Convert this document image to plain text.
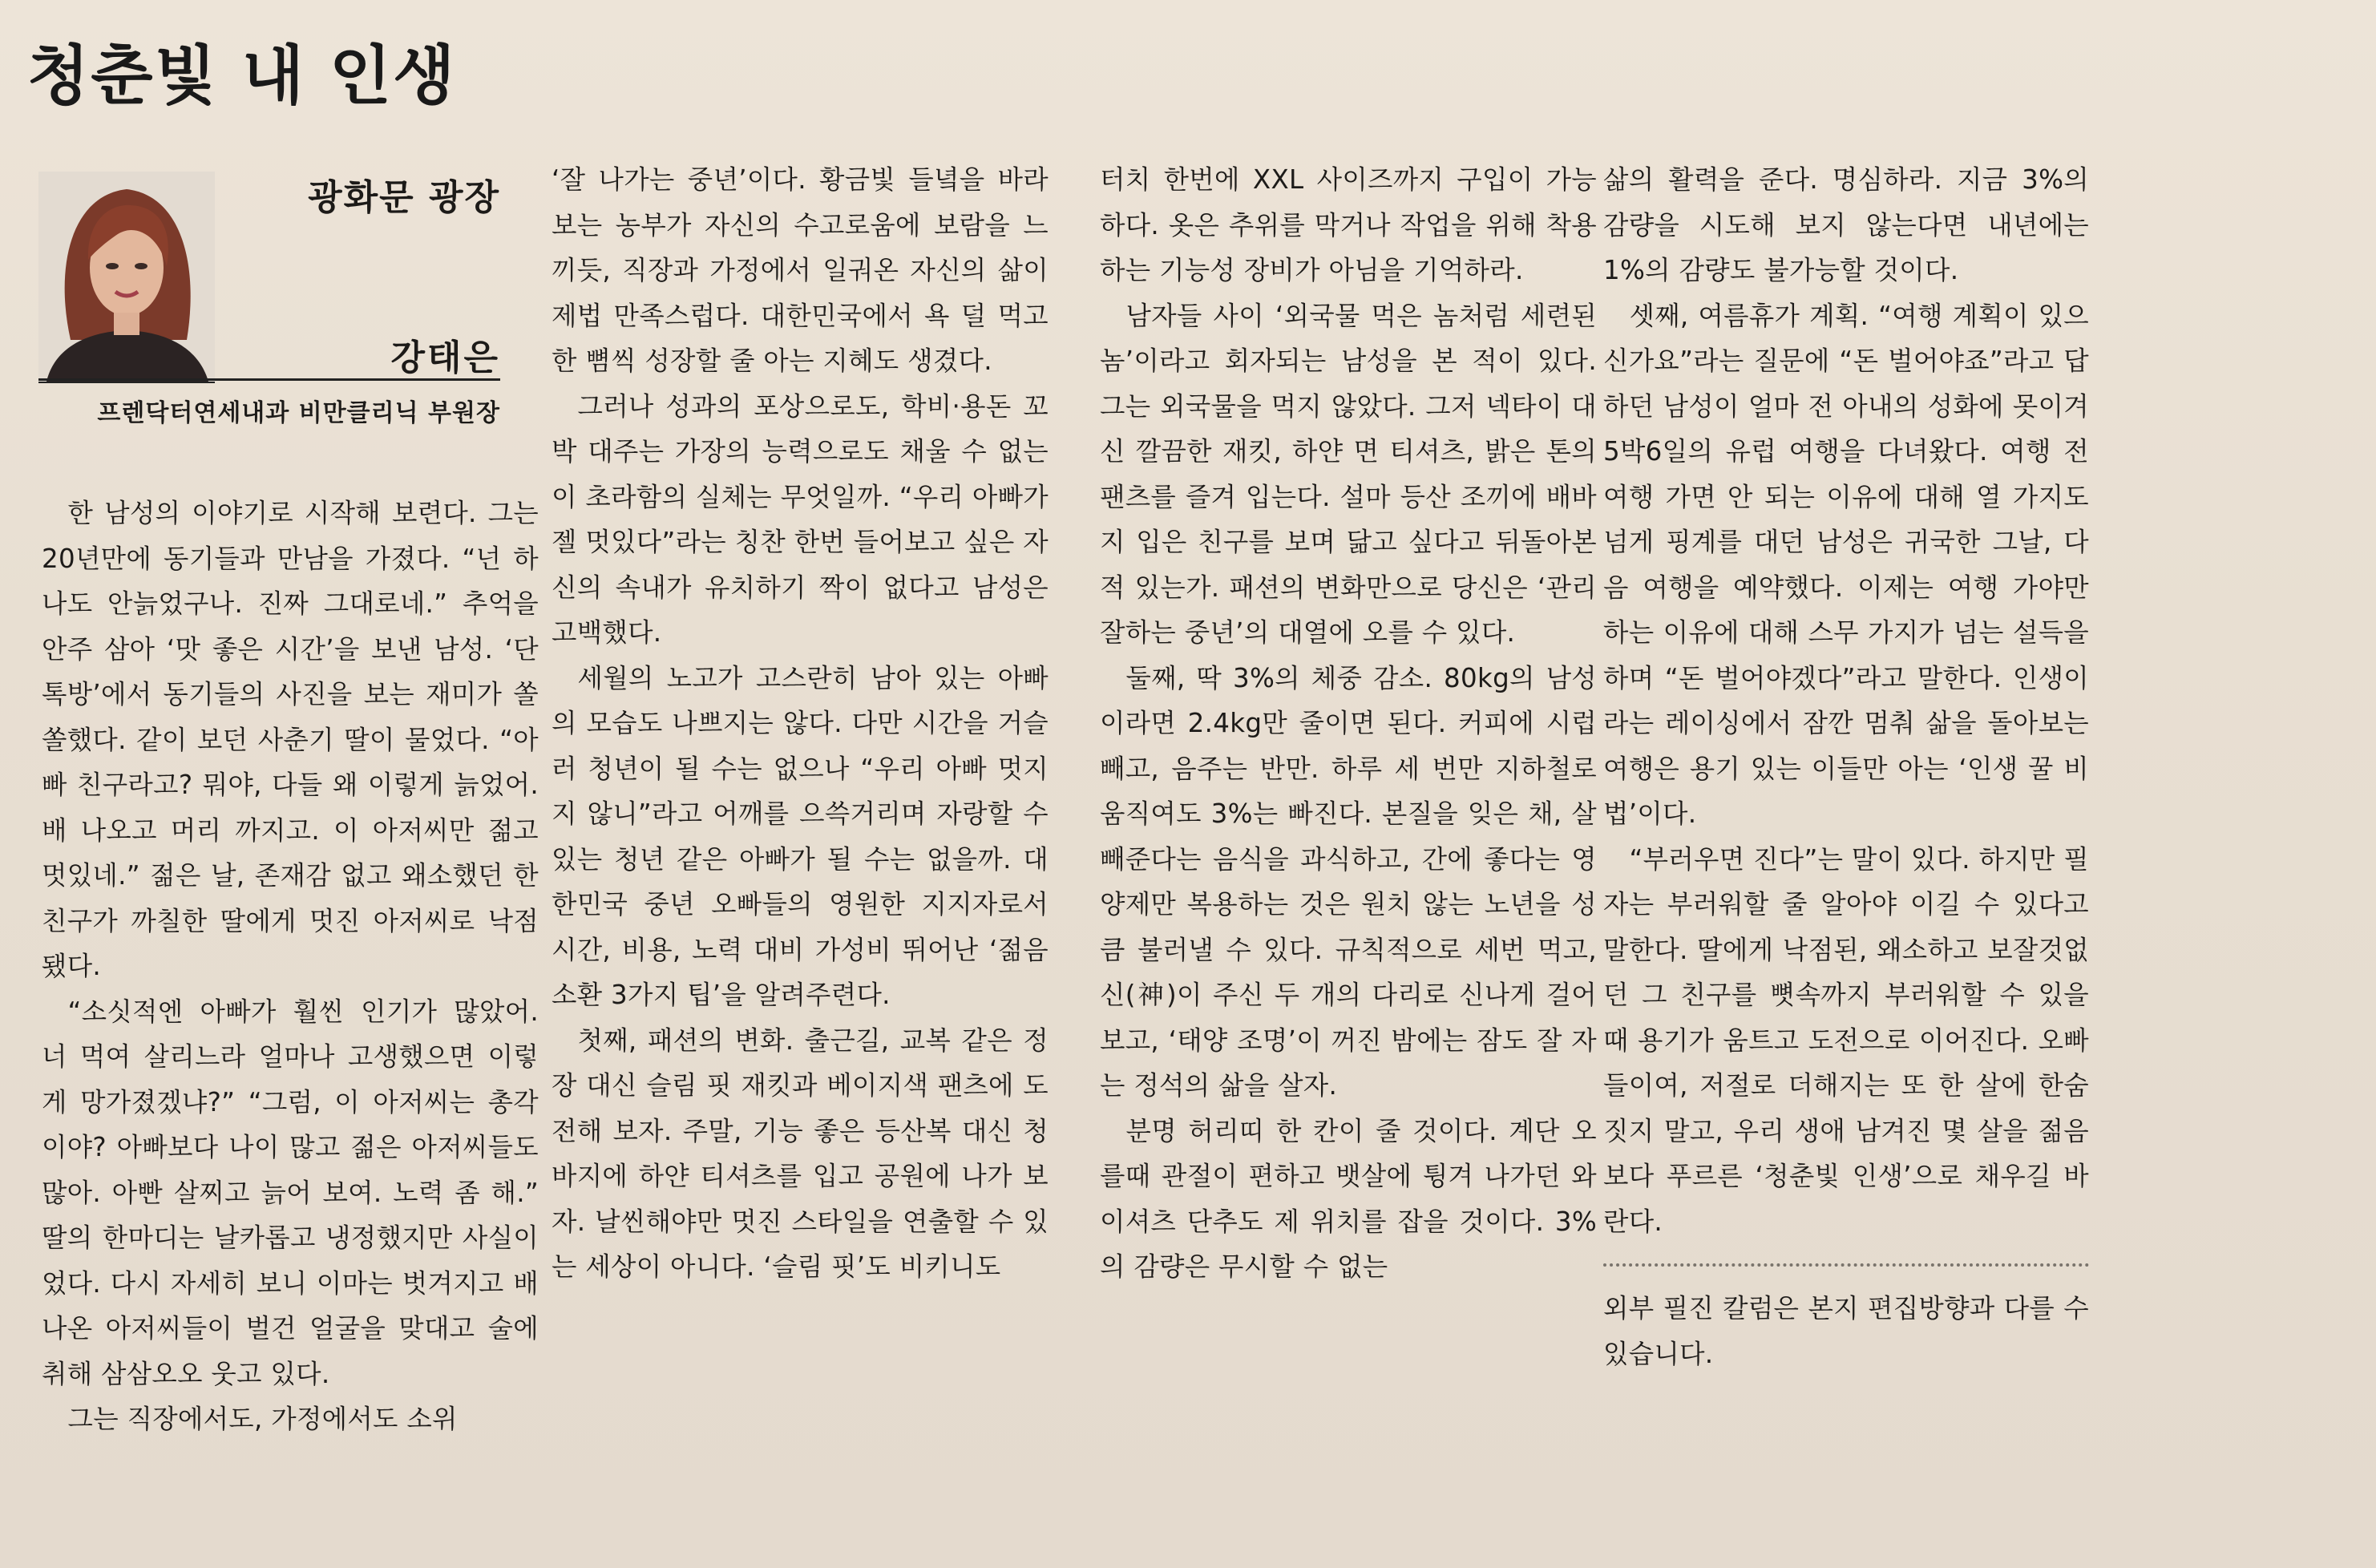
청춘빛 내 인생
광화문 광장
강태은
프렌닥터연세내과 비만클리닉 부원장

한 남성의 이야기로 시작해 보련다. 그는 20년만에 동기들과 만남을 가졌다. “넌 하나도 안늙었구나. 진짜 그대로네.” 추억을 안주 삼아 ‘맛 좋은 시간’을 보낸 남성. ‘단톡방’에서 동기들의 사진을 보는 재미가 쏠쏠했다. 같이 보던 사춘기 딸이 물었다. “아빠 친구라고? 뭐야, 다들 왜 이렇게 늙었어. 배 나오고 머리 까지고. 이 아저씨만 젊고 멋있네.” 젊은 날, 존재감 없고 왜소했던 한 친구가 까칠한 딸에게 멋진 아저씨로 낙점됐다.

“소싯적엔 아빠가 훨씬 인기가 많았어. 너 먹여 살리느라 얼마나 고생했으면 이렇게 망가졌겠냐?” “그럼, 이 아저씨는 총각이야? 아빠보다 나이 많고 젊은 아저씨들도 많아. 아빤 살찌고 늙어 보여. 노력 좀 해.” 딸의 한마디는 날카롭고 냉정했지만 사실이었다. 다시 자세히 보니 이마는 벗겨지고 배 나온 아저씨들이 벌건 얼굴을 맞대고 술에 취해 삼삼오오 웃고 있다.

그는 직장에서도, 가정에서도 소위

‘잘 나가는 중년’이다. 황금빛 들녘을 바라보는 농부가 자신의 수고로움에 보람을 느끼듯, 직장과 가정에서 일궈온 자신의 삶이 제법 만족스럽다. 대한민국에서 욕 덜 먹고 한 뼘씩 성장할 줄 아는 지혜도 생겼다.

그러나 성과의 포상으로도, 학비·용돈 꼬박 대주는 가장의 능력으로도 채울 수 없는 이 초라함의 실체는 무엇일까. “우리 아빠가 젤 멋있다”라는 칭찬 한번 들어보고 싶은 자신의 속내가 유치하기 짝이 없다고 남성은 고백했다.

세월의 노고가 고스란히 남아 있는 아빠의 모습도 나쁘지는 않다. 다만 시간을 거슬러 청년이 될 수는 없으나 “우리 아빠 멋지지 않니”라고 어깨를 으쓱거리며 자랑할 수 있는 청년 같은 아빠가 될 수는 없을까. 대한민국 중년 오빠들의 영원한 지지자로서 시간, 비용, 노력 대비 가성비 뛰어난 ‘젊음 소환 3가지 팁’을 알려주련다.

첫째, 패션의 변화. 출근길, 교복 같은 정장 대신 슬림 핏 재킷과 베이지색 팬츠에 도전해 보자. 주말, 기능 좋은 등산복 대신 청바지에 하얀 티셔츠를 입고 공원에 나가 보자. 날씬해야만 멋진 스타일을 연출할 수 있는 세상이 아니다. ‘슬림 핏’도 비키니도

터치 한번에 XXL 사이즈까지 구입이 가능하다. 옷은 추위를 막거나 작업을 위해 착용하는 기능성 장비가 아님을 기억하라.

남자들 사이 ‘외국물 먹은 놈처럼 세련된 놈’이라고 회자되는 남성을 본 적이 있다. 그는 외국물을 먹지 않았다. 그저 넥타이 대신 깔끔한 재킷, 하얀 면 티셔츠, 밝은 톤의 팬츠를 즐겨 입는다. 설마 등산 조끼에 배바지 입은 친구를 보며 닮고 싶다고 뒤돌아본 적 있는가. 패션의 변화만으로 당신은 ‘관리 잘하는 중년’의 대열에 오를 수 있다.

둘째, 딱 3%의 체중 감소. 80kg의 남성이라면 2.4kg만 줄이면 된다. 커피에 시럽 빼고, 음주는 반만. 하루 세 번만 지하철로 움직여도 3%는 빠진다. 본질을 잊은 채, 살 빼준다는 음식을 과식하고, 간에 좋다는 영양제만 복용하는 것은 원치 않는 노년을 성큼 불러낼 수 있다. 규칙적으로 세번 먹고, 신(神)이 주신 두 개의 다리로 신나게 걸어 보고, ‘태양 조명’이 꺼진 밤에는 잠도 잘 자는 정석의 삶을 살자.

분명 허리띠 한 칸이 줄 것이다. 계단 오를때 관절이 편하고 뱃살에 튕겨 나가던 와이셔츠 단추도 제 위치를 잡을 것이다. 3%의 감량은 무시할 수 없는

삶의 활력을 준다. 명심하라. 지금 3%의 감량을 시도해 보지 않는다면 내년에는 1%의 감량도 불가능할 것이다.

셋째, 여름휴가 계획. “여행 계획이 있으신가요”라는 질문에 “돈 벌어야죠”라고 답하던 남성이 얼마 전 아내의 성화에 못이겨 5박6일의 유럽 여행을 다녀왔다. 여행 전 여행 가면 안 되는 이유에 대해 열 가지도 넘게 핑계를 대던 남성은 귀국한 그날, 다음 여행을 예약했다. 이제는 여행 가야만 하는 이유에 대해 스무 가지가 넘는 설득을 하며 “돈 벌어야겠다”라고 말한다. 인생이라는 레이싱에서 잠깐 멈춰 삶을 돌아보는 여행은 용기 있는 이들만 아는 ‘인생 꿀 비법’이다.

“부러우면 진다”는 말이 있다. 하지만 필자는 부러워할 줄 알아야 이길 수 있다고 말한다. 딸에게 낙점된, 왜소하고 보잘것없던 그 친구를 뼛속까지 부러워할 수 있을 때 용기가 움트고 도전으로 이어진다. 오빠들이여, 저절로 더해지는 또 한 살에 한숨짓지 말고, 우리 생애 남겨진 몇 살을 젊음보다 푸르른 ‘청춘빛 인생’으로 채우길 바란다.

외부 필진 칼럼은 본지 편집방향과 다를 수 있습니다.
